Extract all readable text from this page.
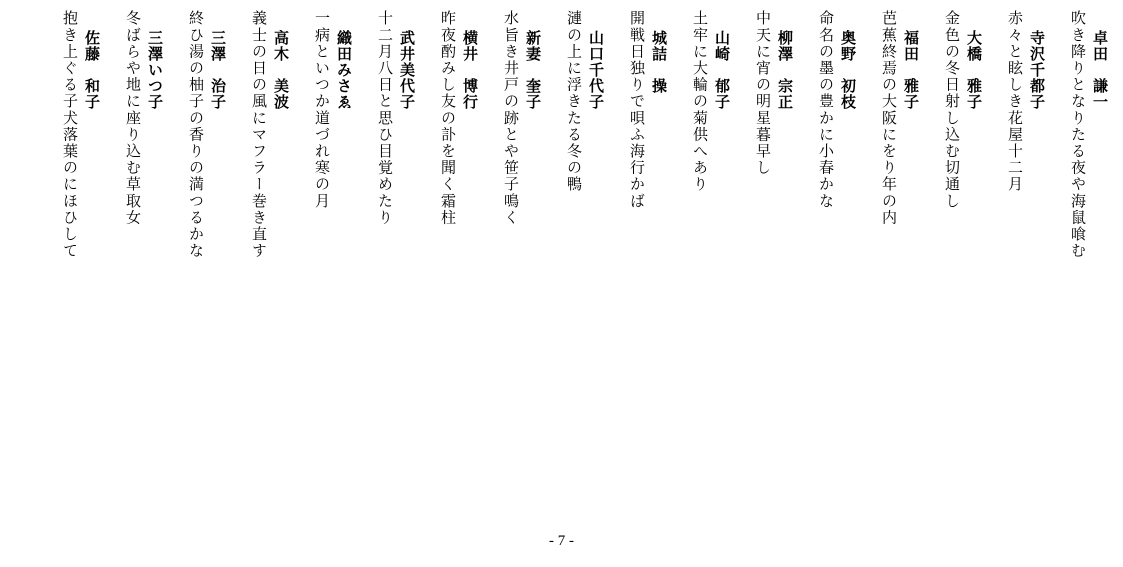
卓田　謙一
吹き降りとなりたる夜や海鼠喰む
寺沢千都子
赤々と眩しき花屋十二月
大橋　雅子
金色の冬日射し込む切通し
福田　雅子
芭蕉終焉の大阪にをり年の内
奥野　初枝
命名の墨の豊かに小春かな
柳澤　宗正
中天に宵の明星暮早し
山崎　郁子
土牢に大輪の菊供へあり
城詰　操
開戦日独りで唄ふ海行かば
山口千代子
漣の上に浮きたる冬の鴨
新妻　奎子
水旨き井戸の跡とや笹子鳴く
横井　博行
昨夜酌みし友の訃を聞く霜柱
武井美代子
十二月八日と思ひ目覚めたり
織田みさゑ
一病といつか道づれ寒の月
高木　美波
義士の日の風にマフラー巻き直す
三澤　治子
終ひ湯の柚子の香りの満つるかな
三澤いつ子
冬ばらや地に座り込む草取女
佐藤　和子
抱き上ぐる子犬落葉のにほひして
- 7 -
